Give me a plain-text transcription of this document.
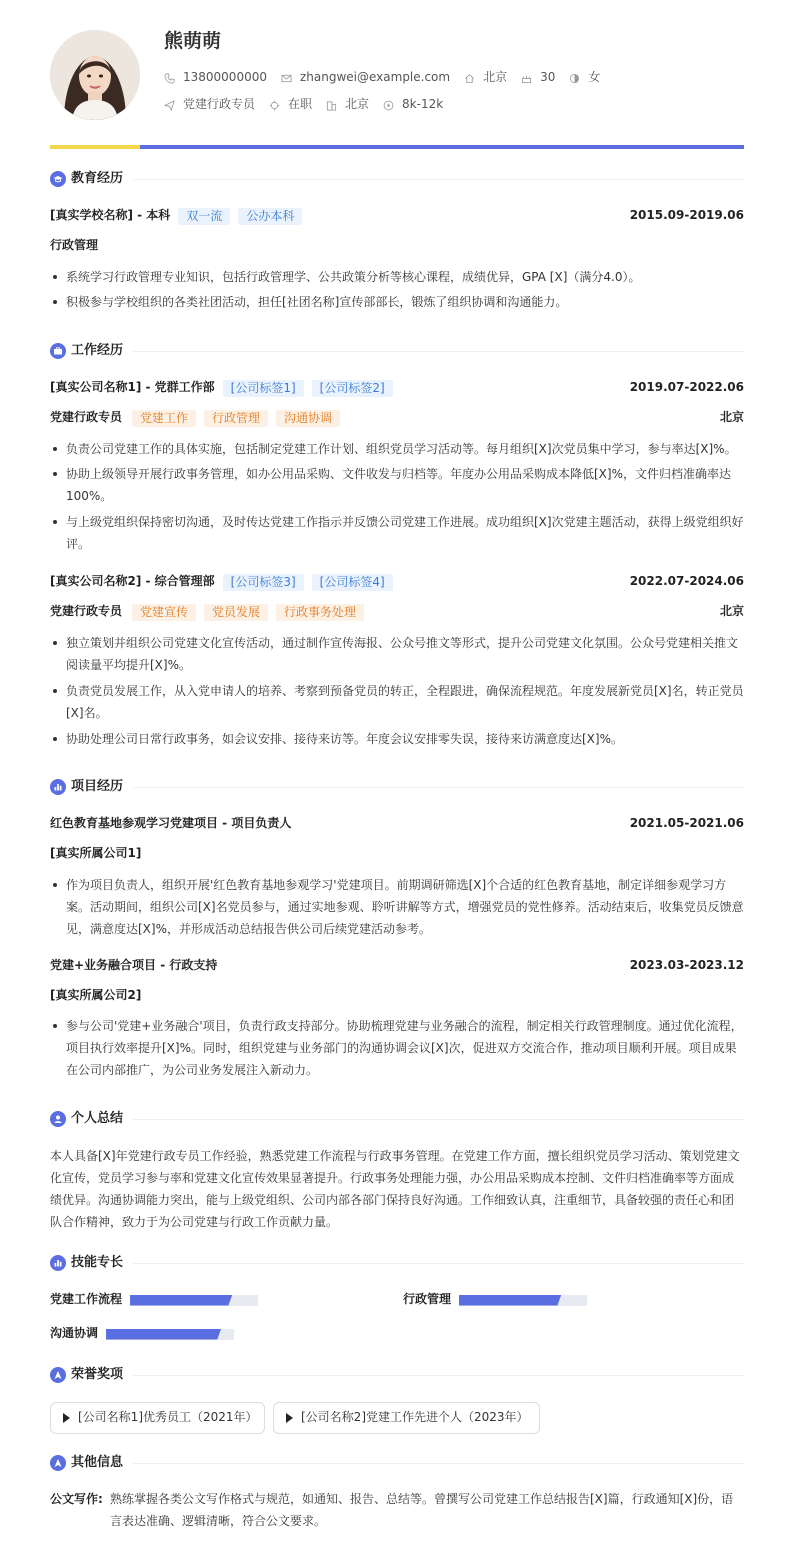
熊萌萌
13800000000	zhangwei@example.com	北京	30	女
党建行政专员	在职	北京	8k-12k
教育经历
[真实学校名称] - 本科	双一流	公办本科	2015.09-2019.06
行政管理
系统学习行政管理专业知识，包括行政管理学、公共政策分析等核心课程，成绩优异，GPA [X]（满分4.0）。
积极参与学校组织的各类社团活动，担任[社团名称]宣传部部长，锻炼了组织协调和沟通能力。
工作经历
[真实公司名称1] - 党群工作部	[公司标签1]	[公司标签2]	2019.07-2022.06
党建行政专员	党建工作	行政管理	沟通协调	北京
负责公司党建工作的具体实施，包括制定党建工作计划、组织党员学习活动等。每月组织[X]次党员集中学习，参与率达[X]%。
协助上级领导开展行政事务管理，如办公用品采购、文件收发与归档等。年度办公用品采购成本降低[X]%，文件归档准确率达100%。
与上级党组织保持密切沟通，及时传达党建工作指示并反馈公司党建工作进展。成功组织[X]次党建主题活动，获得上级党组织好评。
[真实公司名称2] - 综合管理部	[公司标签3]	[公司标签4]	2022.07-2024.06
党建行政专员	党建宣传	党员发展	行政事务处理	北京
独立策划并组织公司党建文化宣传活动，通过制作宣传海报、公众号推文等形式，提升公司党建文化氛围。公众号党建相关推文阅读量平均提升[X]%。
负责党员发展工作，从入党申请人的培养、考察到预备党员的转正，全程跟进，确保流程规范。年度发展新党员[X]名，转正党员[X]名。
协助处理公司日常行政事务，如会议安排、接待来访等。年度会议安排零失误，接待来访满意度达[X]%。
项目经历
红色教育基地参观学习党建项目 - 项目负责人	2021.05-2021.06
[真实所属公司1]
作为项目负责人，组织开展'红色教育基地参观学习'党建项目。前期调研筛选[X]个合适的红色教育基地，制定详细参观学习方案。活动期间，组织公司[X]名党员参与，通过实地参观、聆听讲解等方式，增强党员的党性修养。活动结束后，收集党员反馈意见，满意度达[X]%，并形成活动总结报告供公司后续党建活动参考。
党建+业务融合项目 - 行政支持	2023.03-2023.12
[真实所属公司2]
参与公司'党建+业务融合'项目，负责行政支持部分。协助梳理党建与业务融合的流程，制定相关行政管理制度。通过优化流程，项目执行效率提升[X]%。同时，组织党建与业务部门的沟通协调会议[X]次，促进双方交流合作，推动项目顺利开展。项目成果在公司内部推广，为公司业务发展注入新动力。
个人总结
本人具备[X]年党建行政专员工作经验，熟悉党建工作流程与行政事务管理。在党建工作方面，擅长组织党员学习活动、策划党建文化宣传，党员学习参与率和党建文化宣传效果显著提升。行政事务处理能力强，办公用品采购成本控制、文件归档准确率等方面成绩优异。沟通协调能力突出，能与上级党组织、公司内部各部门保持良好沟通。工作细致认真，注重细节，具备较强的责任心和团队合作精神，致力于为公司党建与行政工作贡献力量。
技能专长
党建工作流程	行政管理
沟通协调
荣誉奖项
[公司名称1]优秀员工（2021年）	[公司名称2]党建工作先进个人（2023年）
其他信息
公文写作: 熟练掌握各类公文写作格式与规范，如通知、报告、总结等。曾撰写公司党建工作总结报告[X]篇，行政通知[X]份，语言表达准确、逻辑清晰，符合公文要求。
